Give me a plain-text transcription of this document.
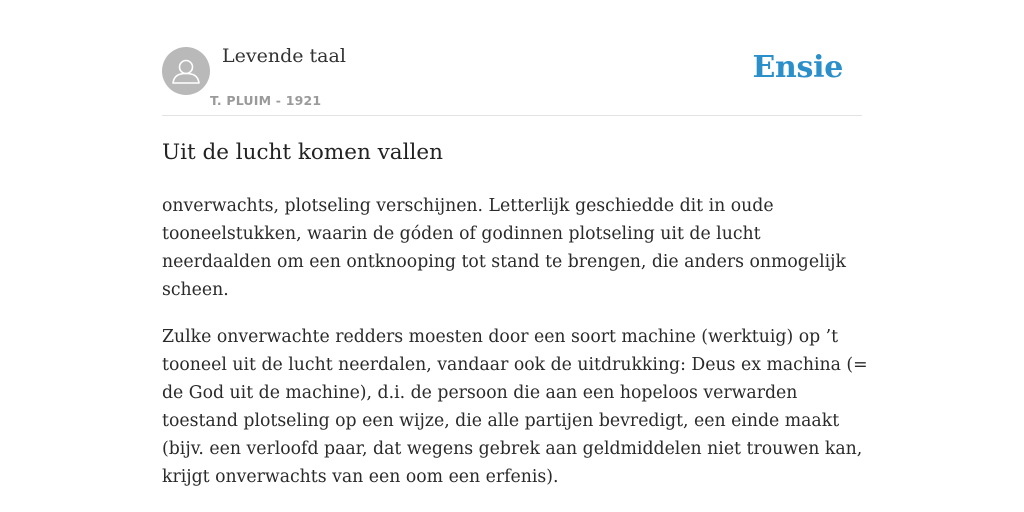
Levende taal
T. PLUIM - 1921
Ensie
Uit de lucht komen vallen

onverwachts, plotseling verschijnen. Letterlijk geschiedde dit in oude
tooneelstukken, waarin de góden of godinnen plotseling uit de lucht
neerdaalden om een ontknooping tot stand te brengen, die anders onmogelijk
scheen.

Zulke onverwachte redders moesten door een soort machine (werktuig) op ’t
tooneel uit de lucht neerdalen, vandaar ook de uitdrukking: Deus ex machina (=
de God uit de machine), d.i. de persoon die aan een hopeloos verwarden
toestand plotseling op een wijze, die alle partijen bevredigt, een einde maakt
(bijv. een verloofd paar, dat wegens gebrek aan geldmiddelen niet trouwen kan,
krijgt onverwachts van een oom een erfenis).
